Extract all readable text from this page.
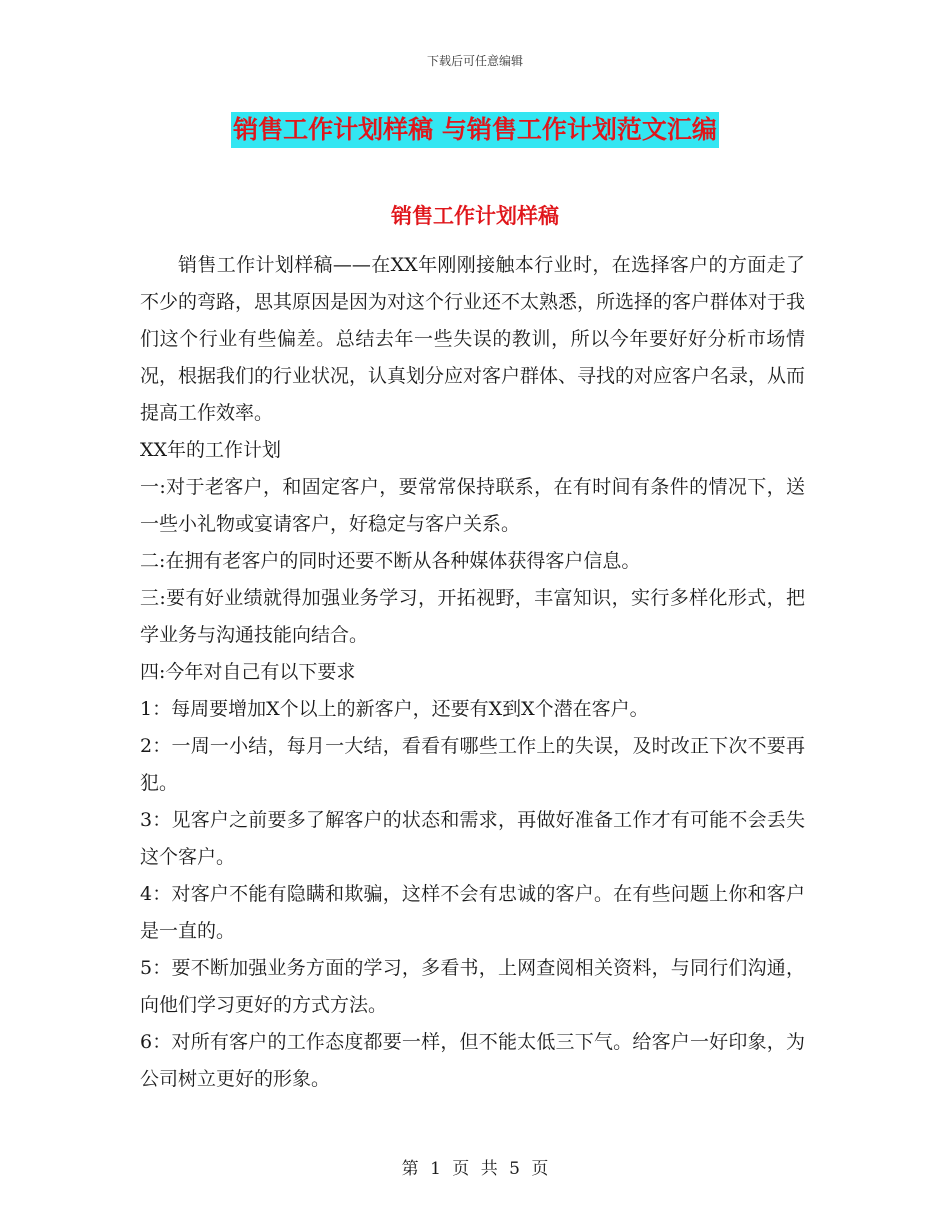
下载后可任意编辑
销售工作计划样稿 与销售工作计划范文汇编
销售工作计划样稿

销售工作计划样稿——在XX年刚刚接触本行业时，在选择客户的方面走了不少的弯路，思其原因是因为对这个行业还不太熟悉，所选择的客户群体对于我们这个行业有些偏差。总结去年一些失误的教训，所以今年要好好分析市场情况，根据我们的行业状况，认真划分应对客户群体、寻找的对应客户名录，从而提高工作效率。

XX年的工作计划

一:对于老客户，和固定客户，要常常保持联系，在有时间有条件的情况下，送一些小礼物或宴请客户，好稳定与客户关系。

二:在拥有老客户的同时还要不断从各种媒体获得客户信息。

三:要有好业绩就得加强业务学习，开拓视野，丰富知识，实行多样化形式，把学业务与沟通技能向结合。

四:今年对自己有以下要求

1：每周要增加X个以上的新客户，还要有X到X个潜在客户。

2：一周一小结，每月一大结，看看有哪些工作上的失误，及时改正下次不要再犯。

3：见客户之前要多了解客户的状态和需求，再做好准备工作才有可能不会丢失这个客户。

4：对客户不能有隐瞒和欺骗，这样不会有忠诚的客户。在有些问题上你和客户是一直的。

5：要不断加强业务方面的学习，多看书，上网查阅相关资料，与同行们沟通，向他们学习更好的方式方法。

6：对所有客户的工作态度都要一样，但不能太低三下气。给客户一好印象，为公司树立更好的形象。

第 1 页 共 5 页
